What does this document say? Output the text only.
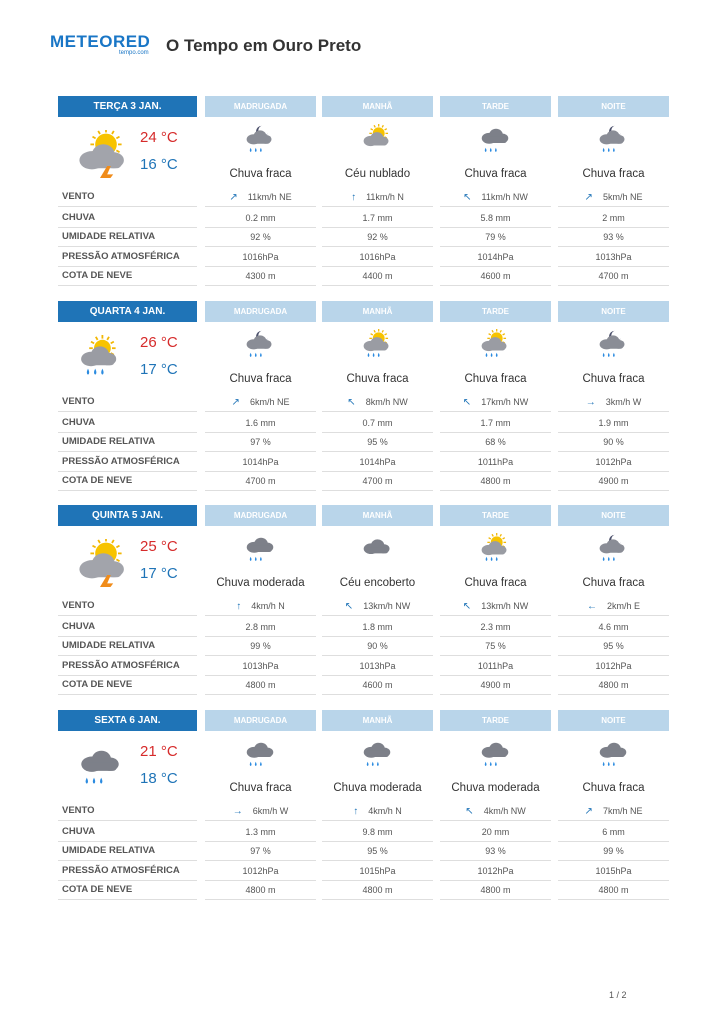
METEORED
tempo.com O Tempo em Ouro Preto
TERÇA 3 JAN.	MADRUGADA	MANHÃ	TARDE	NOITE
24 °C
16 °C
Chuva fraca	Céu nublado	Chuva fraca	Chuva fraca
VENTO	↗ 11km/h NE	↑ 11km/h N	↖ 11km/h NW	↗ 5km/h NE
CHUVA	0.2 mm	1.7 mm	5.8 mm	2 mm
UMIDADE RELATIVA	92 %	92 %	79 %	93 %
PRESSÃO ATMOSFÉRICA	1016hPa	1016hPa	1014hPa	1013hPa
COTA DE NEVE	4300 m	4400 m	4600 m	4700 m
QUARTA 4 JAN.	MADRUGADA	MANHÃ	TARDE	NOITE
26 °C
17 °C
Chuva fraca	Chuva fraca	Chuva fraca	Chuva fraca
VENTO	↗ 6km/h NE	↖ 8km/h NW	↖ 17km/h NW	→ 3km/h W
CHUVA	1.6 mm	0.7 mm	1.7 mm	1.9 mm
UMIDADE RELATIVA	97 %	95 %	68 %	90 %
PRESSÃO ATMOSFÉRICA	1014hPa	1014hPa	1011hPa	1012hPa
COTA DE NEVE	4700 m	4700 m	4800 m	4900 m
QUINTA 5 JAN.	MADRUGADA	MANHÃ	TARDE	NOITE
25 °C
17 °C
Chuva moderada	Céu encoberto	Chuva fraca	Chuva fraca
VENTO	↑ 4km/h N	↖ 13km/h NW	↖ 13km/h NW	← 2km/h E
CHUVA	2.8 mm	1.8 mm	2.3 mm	4.6 mm
UMIDADE RELATIVA	99 %	90 %	75 %	95 %
PRESSÃO ATMOSFÉRICA	1013hPa	1013hPa	1011hPa	1012hPa
COTA DE NEVE	4800 m	4600 m	4900 m	4800 m
SEXTA 6 JAN.	MADRUGADA	MANHÃ	TARDE	NOITE
21 °C
18 °C
Chuva fraca	Chuva moderada	Chuva moderada	Chuva fraca
VENTO	→ 6km/h W	↑ 4km/h N	↖ 4km/h NW	↗ 7km/h NE
CHUVA	1.3 mm	9.8 mm	20 mm	6 mm
UMIDADE RELATIVA	97 %	95 %	93 %	99 %
PRESSÃO ATMOSFÉRICA	1012hPa	1015hPa	1012hPa	1015hPa
COTA DE NEVE	4800 m	4800 m	4800 m	4800 m
1 / 2
